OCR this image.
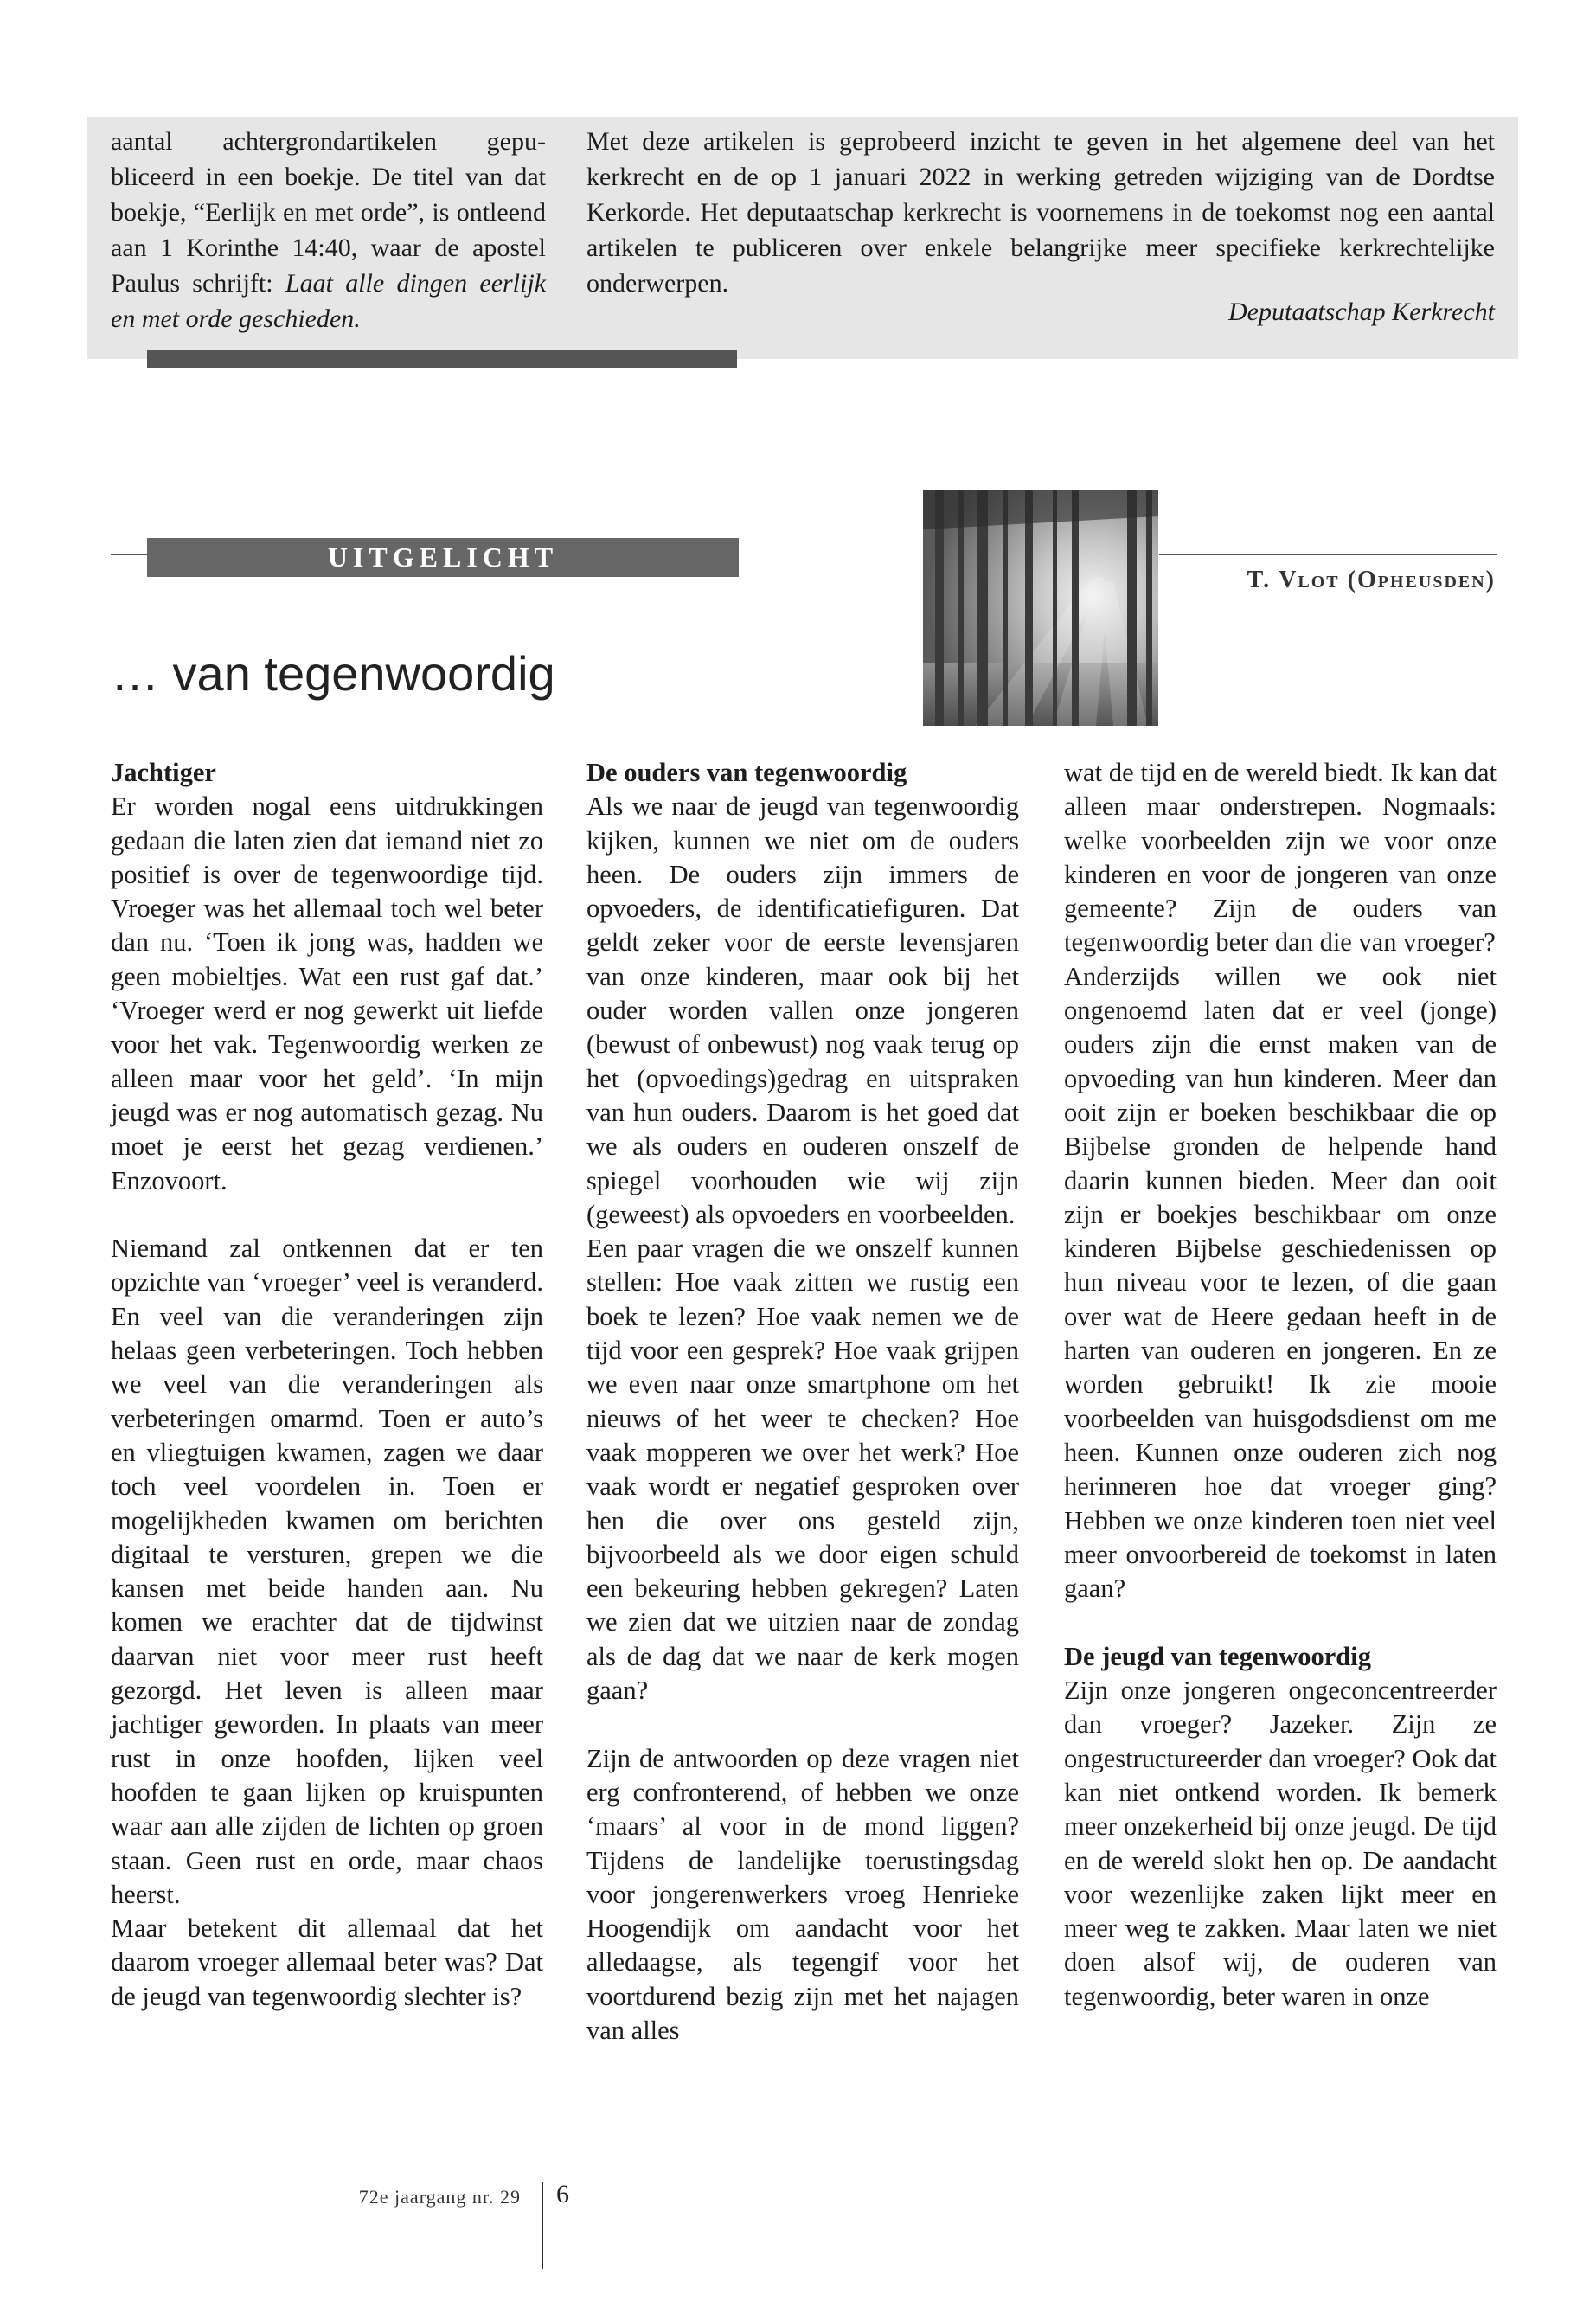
aantal achtergrondartikelen gepu- bliceerd in een boekje. De titel van dat boekje, “Eerlijk en met orde”, is ontleend aan 1 Korinthe 14:40, waar de apostel Paulus schrijft: Laat alle dingen eerlijk en met orde geschieden.
Met deze artikelen is geprobeerd inzicht te geven in het algemene deel van het kerkrecht en de op 1 januari 2022 in werking getreden wijziging van de Dordtse Kerkorde. Het deputaatschap kerkrecht is voornemens in de toekomst nog een aantal artikelen te publiceren over enkele belangrijke meer specifieke kerkrechtelijke onderwerpen.
Deputaatschap Kerkrecht
UITGELICHT
T. Vlot (Opheusden)
… van tegenwoordig

Jachtiger

Er worden nogal eens uitdrukkingen gedaan die laten zien dat iemand niet zo positief is over de tegenwoordige tijd. Vroeger was het allemaal toch wel beter dan nu. ‘Toen ik jong was, hadden we geen mobieltjes. Wat een rust gaf dat.’ ‘Vroeger werd er nog gewerkt uit liefde voor het vak. Tegenwoordig werken ze alleen maar voor het geld’. ‘In mijn jeugd was er nog automatisch gezag. Nu moet je eerst het gezag verdienen.’ Enzovoort.

Niemand zal ontkennen dat er ten opzichte van ‘vroeger’ veel is veranderd. En veel van die veranderingen zijn helaas geen verbeteringen. Toch hebben we veel van die veranderingen als verbeteringen omarmd. Toen er auto’s en vliegtuigen kwamen, zagen we daar toch veel voordelen in. Toen er mogelijkheden kwamen om berichten digitaal te versturen, grepen we die kansen met beide handen aan. Nu komen we erachter dat de tijdwinst daarvan niet voor meer rust heeft gezorgd. Het leven is alleen maar jachtiger geworden. In plaats van meer rust in onze hoofden, lijken veel hoofden te gaan lijken op kruispunten waar aan alle zijden de lichten op groen staan. Geen rust en orde, maar chaos heerst.

Maar betekent dit allemaal dat het daarom vroeger allemaal beter was? Dat de jeugd van tegenwoordig slechter is?

De ouders van tegenwoordig

Als we naar de jeugd van tegenwoordig kijken, kunnen we niet om de ouders heen. De ouders zijn immers de opvoeders, de identificatiefiguren. Dat geldt zeker voor de eerste levensjaren van onze kinderen, maar ook bij het ouder worden vallen onze jongeren (bewust of onbewust) nog vaak terug op het (opvoedings)gedrag en uitspraken van hun ouders. Daarom is het goed dat we als ouders en ouderen onszelf de spiegel voorhouden wie wij zijn (geweest) als opvoeders en voorbeelden.

Een paar vragen die we onszelf kunnen stellen: Hoe vaak zitten we rustig een boek te lezen? Hoe vaak nemen we de tijd voor een gesprek? Hoe vaak grijpen we even naar onze smartphone om het nieuws of het weer te checken? Hoe vaak mopperen we over het werk? Hoe vaak wordt er negatief gesproken over hen die over ons gesteld zijn, bijvoorbeeld als we door eigen schuld een bekeuring hebben gekregen? Laten we zien dat we uitzien naar de zondag als de dag dat we naar de kerk mogen gaan?

Zijn de antwoorden op deze vragen niet erg confronterend, of hebben we onze ‘maars’ al voor in de mond liggen? Tijdens de landelijke toerustingsdag voor jongerenwerkers vroeg Henrieke Hoogendijk om aandacht voor het alledaagse, als tegengif voor het voortdurend bezig zijn met het najagen van alles

wat de tijd en de wereld biedt. Ik kan dat alleen maar onderstrepen. Nogmaals: welke voorbeelden zijn we voor onze kinderen en voor de jongeren van onze gemeente? Zijn de ouders van tegenwoordig beter dan die van vroeger?

Anderzijds willen we ook niet ongenoemd laten dat er veel (jonge) ouders zijn die ernst maken van de opvoeding van hun kinderen. Meer dan ooit zijn er boeken beschikbaar die op Bijbelse gronden de helpende hand daarin kunnen bieden. Meer dan ooit zijn er boekjes beschikbaar om onze kinderen Bijbelse geschiedenissen op hun niveau voor te lezen, of die gaan over wat de Heere gedaan heeft in de harten van ouderen en jongeren. En ze worden gebruikt! Ik zie mooie voorbeelden van huisgodsdienst om me heen. Kunnen onze ouderen zich nog herinneren hoe dat vroeger ging? Hebben we onze kinderen toen niet veel meer onvoorbereid de toekomst in laten gaan?

De jeugd van tegenwoordig

Zijn onze jongeren ongeconcentreerder dan vroeger? Jazeker. Zijn ze ongestructureerder dan vroeger? Ook dat kan niet ontkend worden. Ik bemerk meer onzekerheid bij onze jeugd. De tijd en de wereld slokt hen op. De aandacht voor wezenlijke zaken lijkt meer en meer weg te zakken. Maar laten we niet doen alsof wij, de ouderen van tegenwoordig, beter waren in onze

72e jaargang nr. 29 6
